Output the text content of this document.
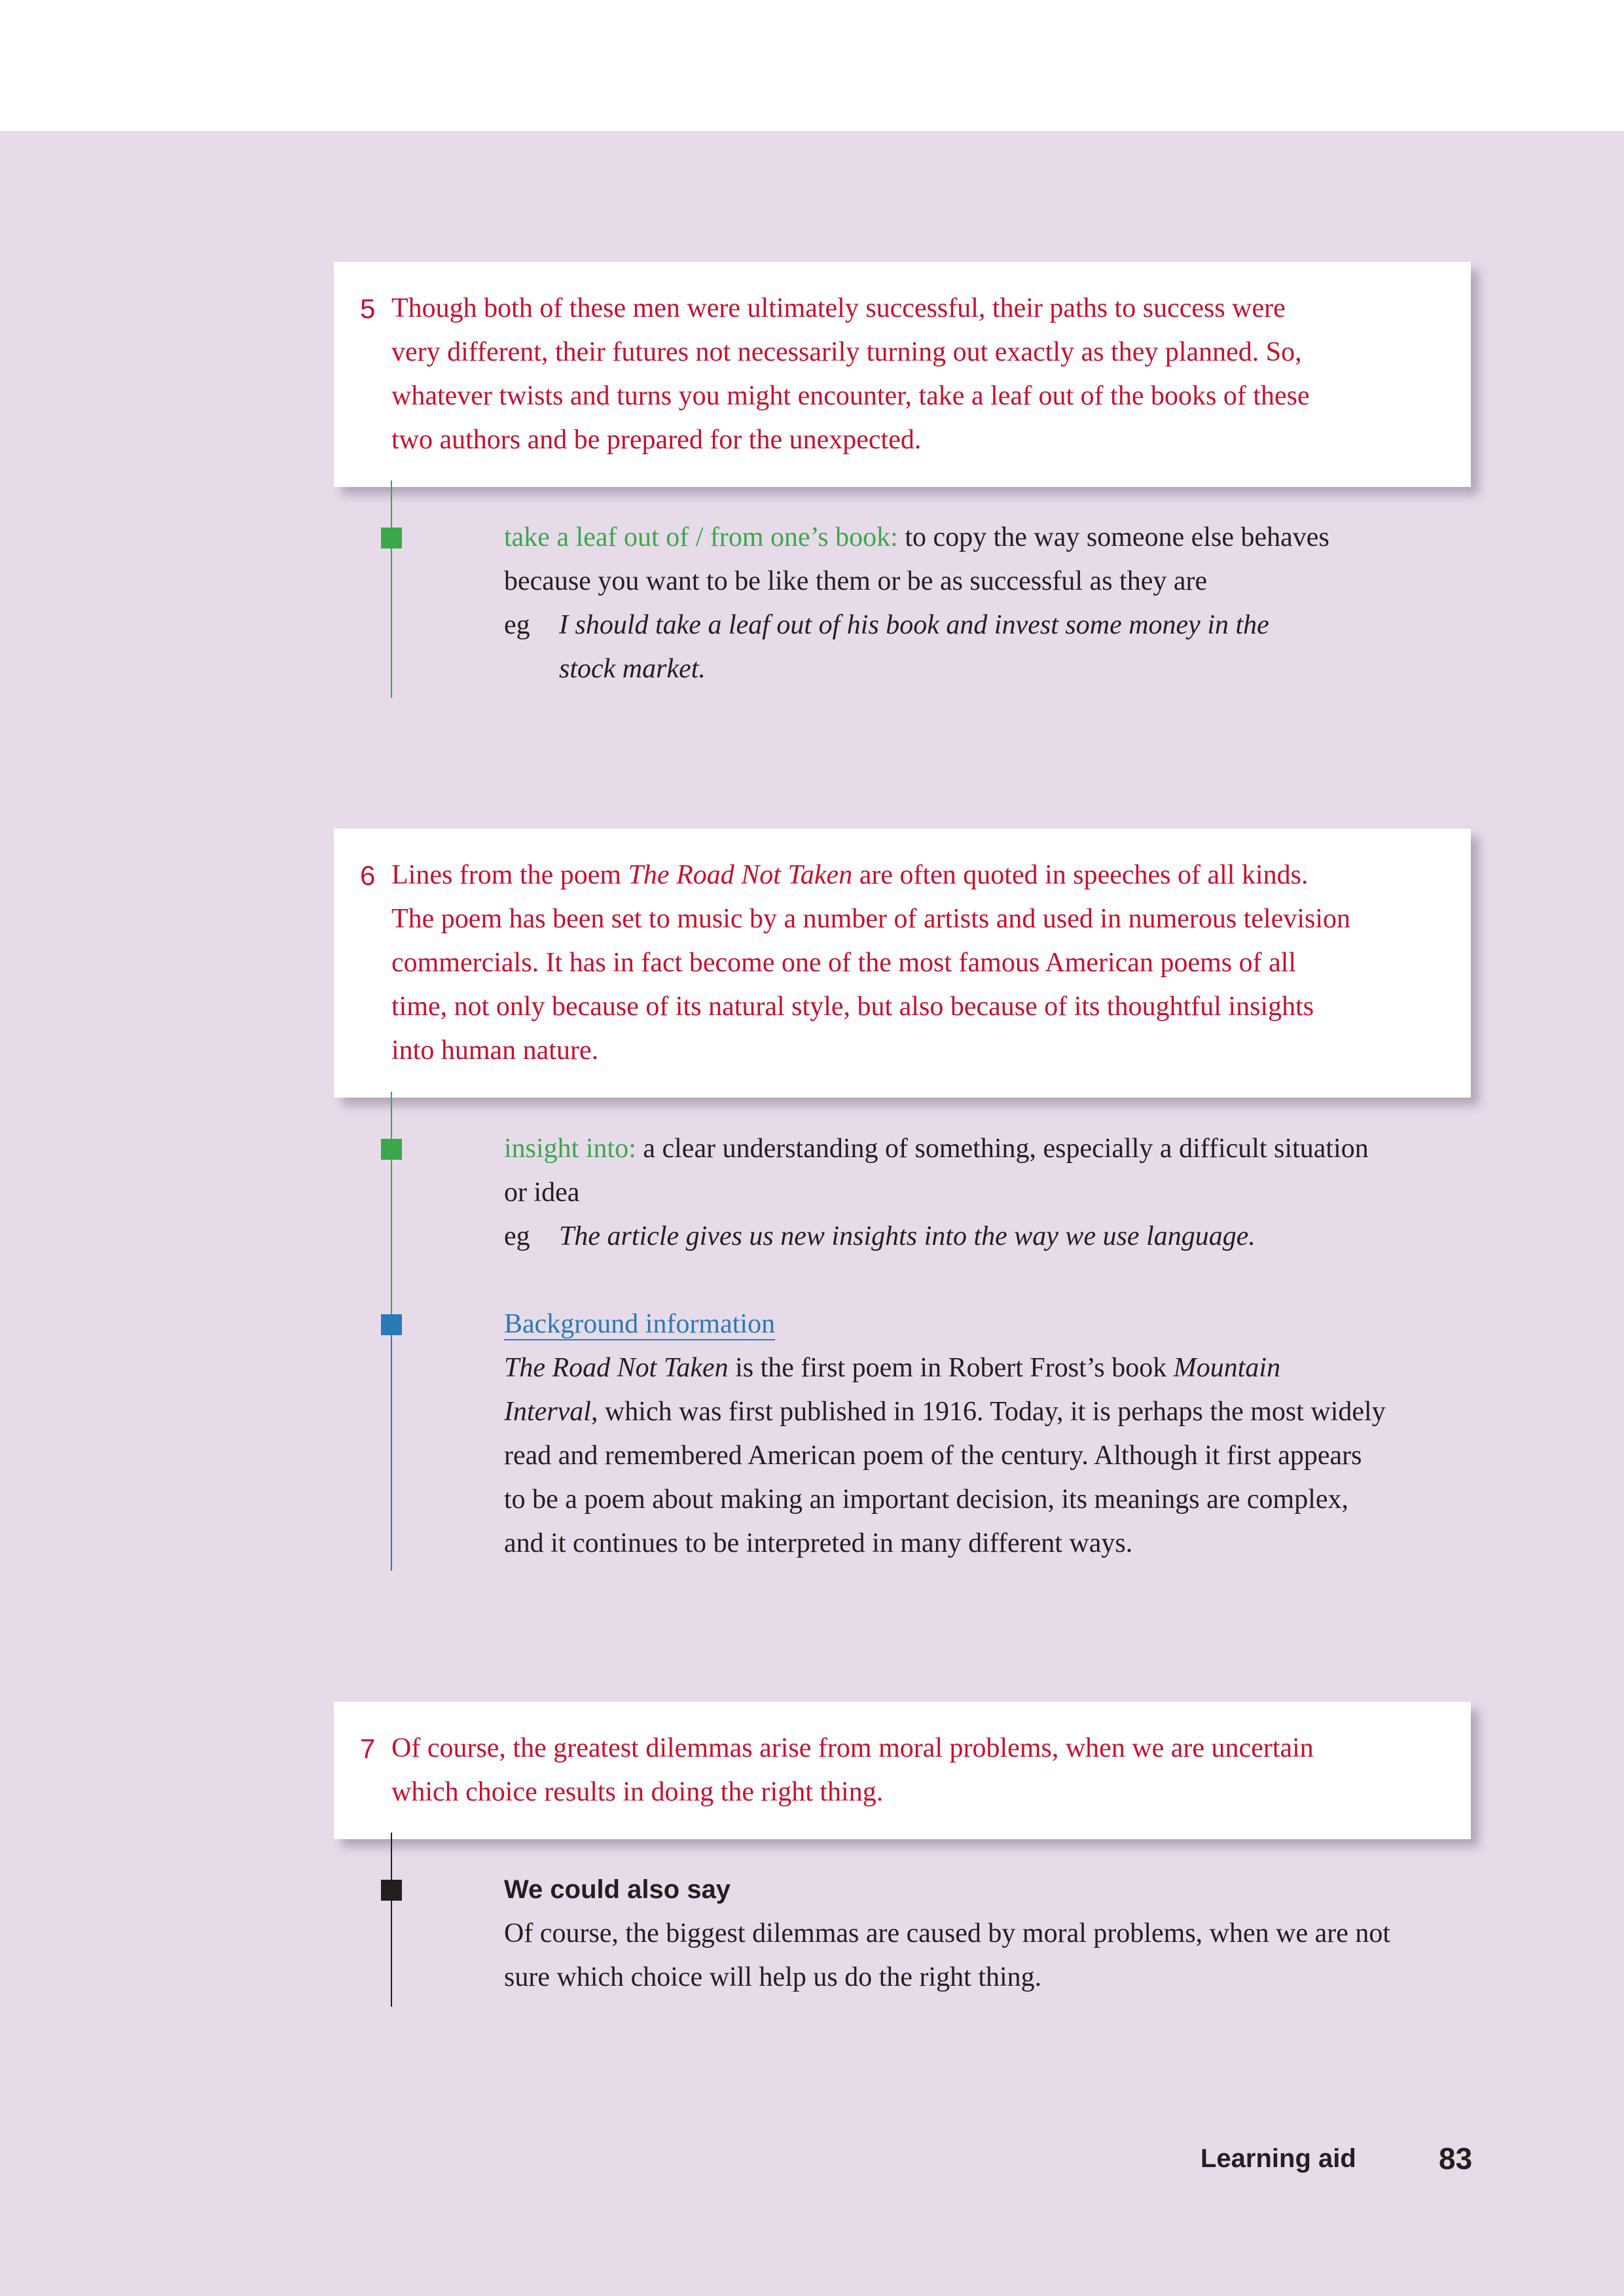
5 Though both of these men were ultimately successful, their paths to success were

very different, their futures not necessarily turning out exactly as they planned. So,

whatever twists and turns you might encounter, take a leaf out of the books of these

two authors and be prepared for the unexpected.

take a leaf out of / from one’s book: to copy the way someone else behaves

because you want to be like them or be as successful as they are

eg	I should take a leaf out of his book and invest some money in the

stock market.

6 Lines from the poem The Road Not Taken are often quoted in speeches of all kinds.

The poem has been set to music by a number of artists and used in numerous television

commercials. It has in fact become one of the most famous American poems of all

time, not only because of its natural style, but also because of its thoughtful insights

into human nature.

insight into: a clear understanding of something, especially a difficult situation

or idea

eg	The article gives us new insights into the way we use language.

Background information

The Road Not Taken is the first poem in Robert Frost’s book Mountain

Interval, which was first published in 1916. Today, it is perhaps the most widely

read and remembered American poem of the century. Although it first appears

to be a poem about making an important decision, its meanings are complex,

and it continues to be interpreted in many different ways.

7 Of course, the greatest dilemmas arise from moral problems, when we are uncertain

which choice results in doing the right thing.

We could also say

Of course, the biggest dilemmas are caused by moral problems, when we are not

sure which choice will help us do the right thing.

Learning aid	83
